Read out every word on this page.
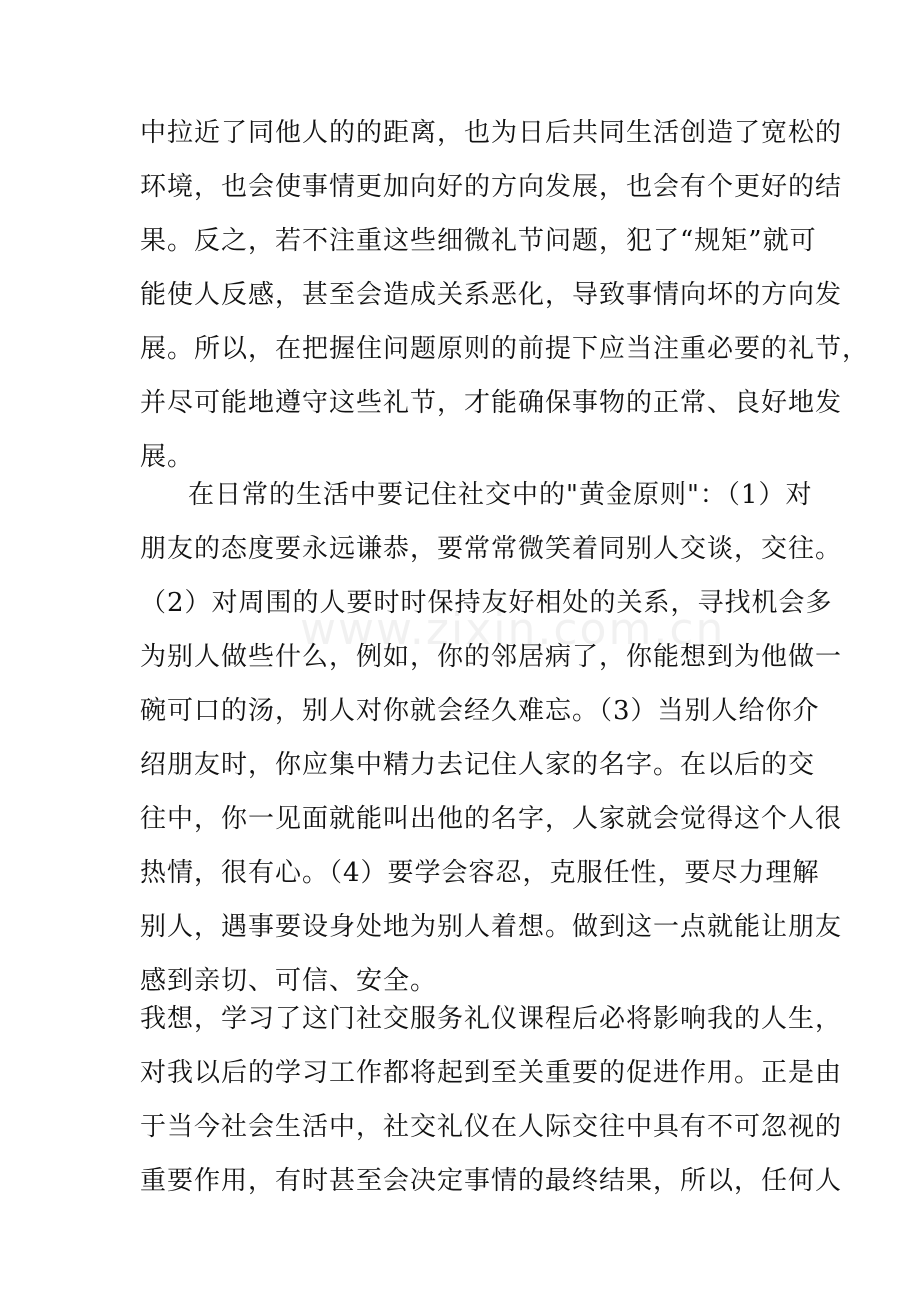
www.zixin.com.cn
中拉近了同他人的的距离，也为日后共同生活创造了宽松的
环境，也会使事情更加向好的方向发展，也会有个更好的结
果。反之，若不注重这些细微礼节问题，犯了“规矩”就可
能使人反感，甚至会造成关系恶化，导致事情向坏的方向发
展。所以，在把握住问题原则的前提下应当注重必要的礼节，
并尽可能地遵守这些礼节，才能确保事物的正常、良好地发
展。
在日常的生活中要记住社交中的"黄金原则"：（1）对
朋友的态度要永远谦恭，要常常微笑着同别人交谈，交往。
（2）对周围的人要时时保持友好相处的关系，寻找机会多
为别人做些什么，例如，你的邻居病了，你能想到为他做一
碗可口的汤，别人对你就会经久难忘。（3）当别人给你介
绍朋友时，你应集中精力去记住人家的名字。在以后的交
往中，你一见面就能叫出他的名字，人家就会觉得这个人很
热情，很有心。（4）要学会容忍，克服任性，要尽力理解
别人，遇事要设身处地为别人着想。做到这一点就能让朋友
感到亲切、可信、安全。
我想，学习了这门社交服务礼仪课程后必将影响我的人生，
对我以后的学习工作都将起到至关重要的促进作用。正是由
于当今社会生活中，社交礼仪在人际交往中具有不可忽视的
重要作用，有时甚至会决定事情的最终结果，所以，任何人
